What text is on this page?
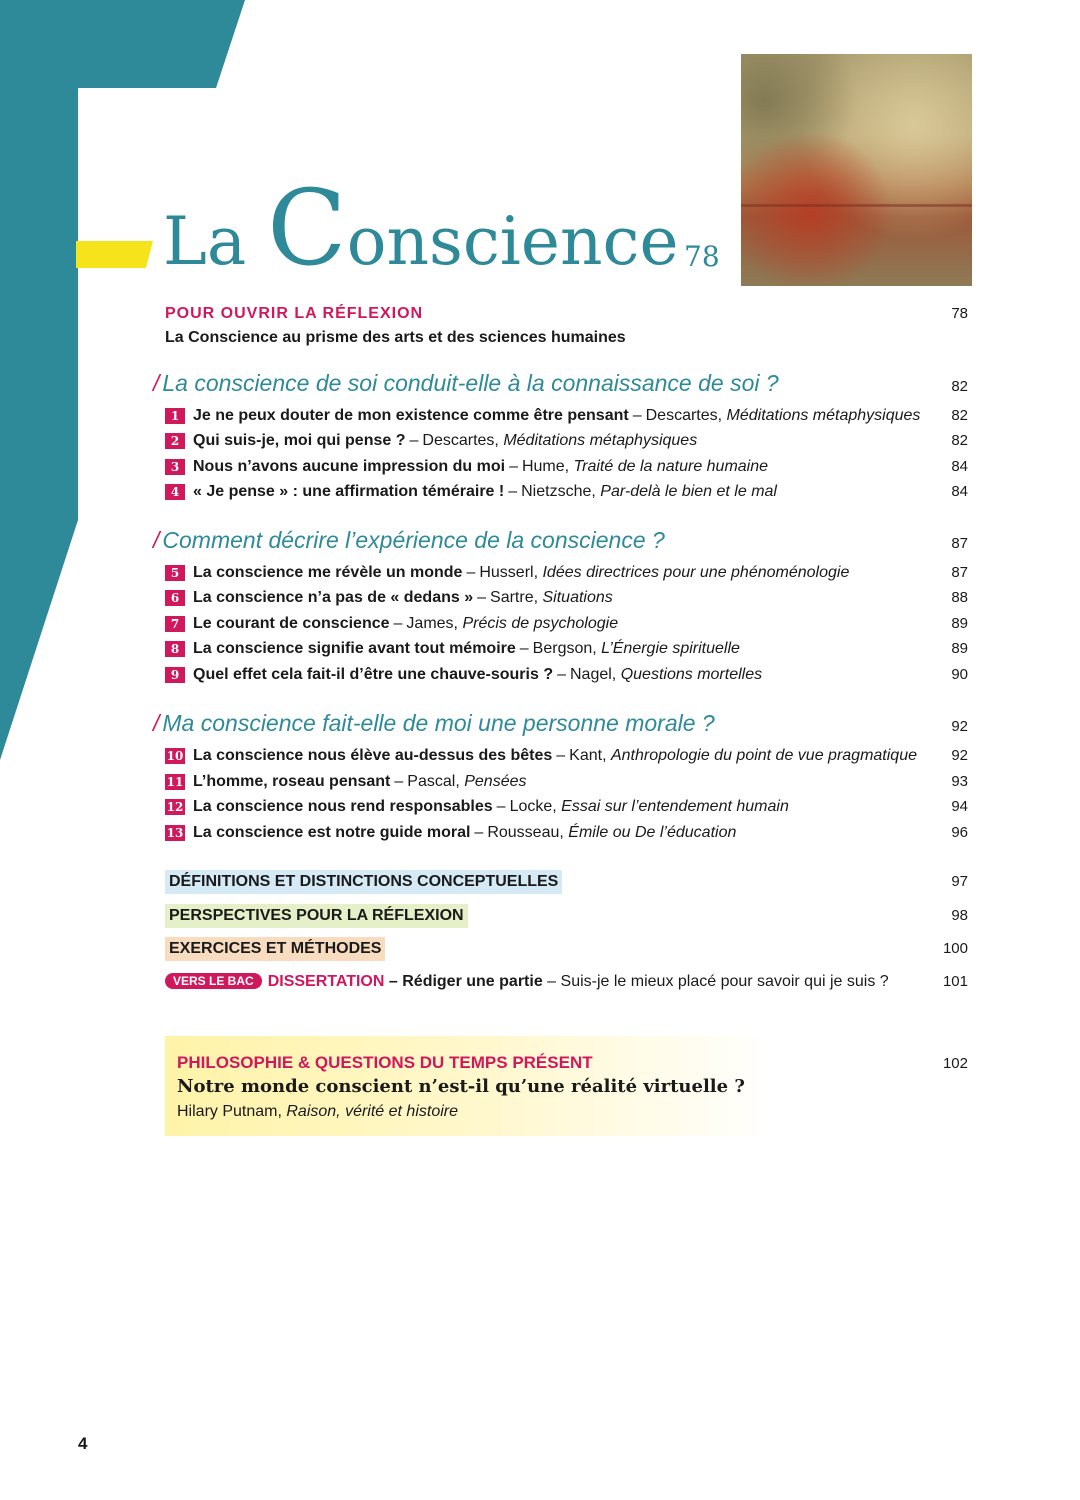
La Conscience 78
POUR OUVRIR LA RÉFLEXION	78
La Conscience au prisme des arts et des sciences humaines
/ La conscience de soi conduit-elle à la connaissance de soi ?	82
1 Je ne peux douter de mon existence comme être pensant – Descartes, Méditations métaphysiques	82
2 Qui suis-je, moi qui pense ? – Descartes, Méditations métaphysiques	82
3 Nous n’avons aucune impression du moi – Hume, Traité de la nature humaine	84
4 « Je pense » : une affirmation téméraire ! – Nietzsche, Par-delà le bien et le mal	84
/ Comment décrire l’expérience de la conscience ?	87
5 La conscience me révèle un monde – Husserl, Idées directrices pour une phénoménologie	87
6 La conscience n’a pas de « dedans » – Sartre, Situations	88
7 Le courant de conscience – James, Précis de psychologie	89
8 La conscience signifie avant tout mémoire – Bergson, L’Énergie spirituelle	89
9 Quel effet cela fait-il d’être une chauve-souris ? – Nagel, Questions mortelles	90
/ Ma conscience fait-elle de moi une personne morale ?	92
10 La conscience nous élève au-dessus des bêtes – Kant, Anthropologie du point de vue pragmatique	92
11 L’homme, roseau pensant – Pascal, Pensées	93
12 La conscience nous rend responsables – Locke, Essai sur l’entendement humain	94
13 La conscience est notre guide moral – Rousseau, Émile ou De l’éducation	96
DÉFINITIONS ET DISTINCTIONS CONCEPTUELLES	97
PERSPECTIVES POUR LA RÉFLEXION	98
EXERCICES ET MÉTHODES	100
VERS LE BAC DISSERTATION – Rédiger une partie – Suis-je le mieux placé pour savoir qui je suis ?	101
PHILOSOPHIE & QUESTIONS DU TEMPS PRÉSENT	102
Notre monde conscient n’est-il qu’une réalité virtuelle ?
Hilary Putnam, Raison, vérité et histoire
4
